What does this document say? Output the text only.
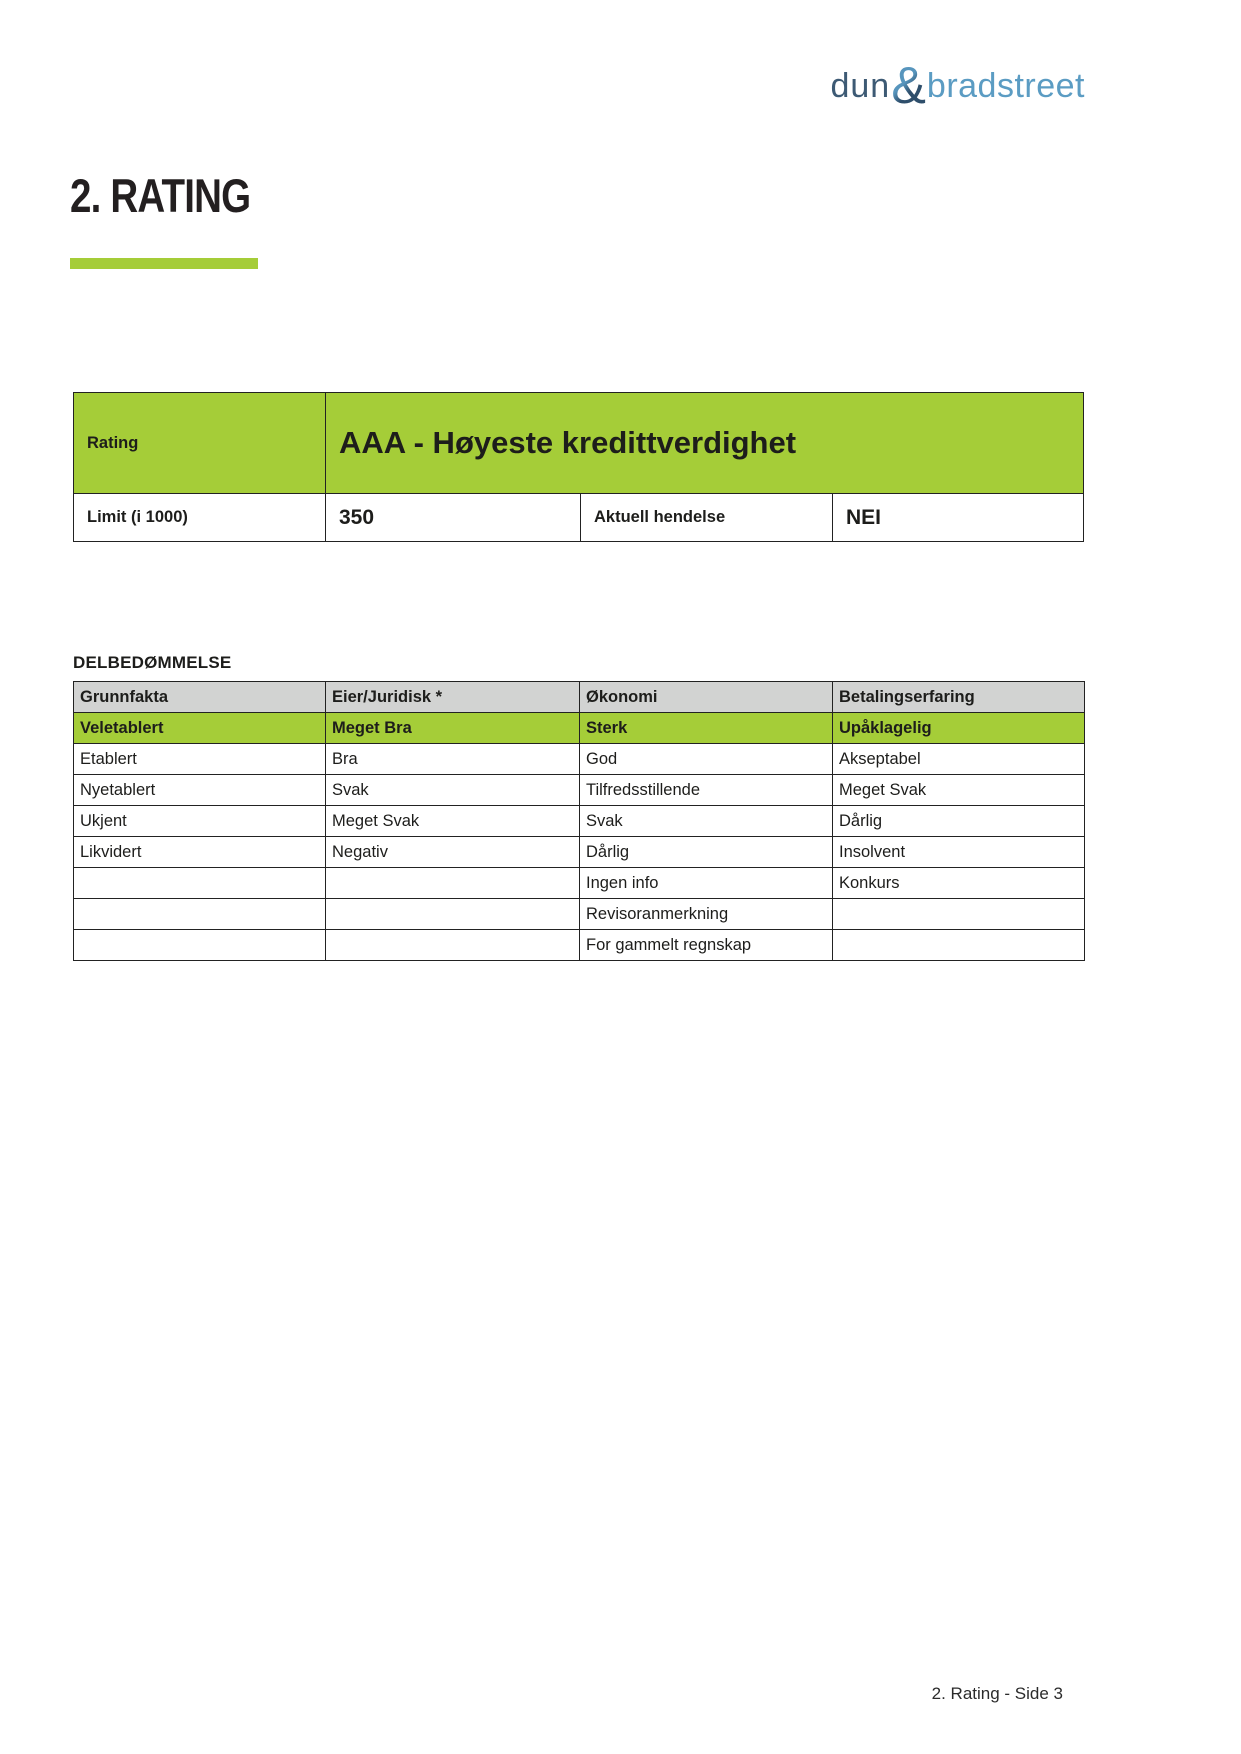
dun&bradstreet
2. RATING
Rating	AAA - Høyeste kredittverdighet		
Limit (i 1000)	350	Aktuell hendelse	NEI
DELBEDØMMELSE
Grunnfakta	Eier/Juridisk *	Økonomi	Betalingserfaring
Veletablert	Meget Bra	Sterk	Upåklagelig
Etablert	Bra	God	Akseptabel
Nyetablert	Svak	Tilfredsstillende	Meget Svak
Ukjent	Meget Svak	Svak	Dårlig
Likvidert	Negativ	Dårlig	Insolvent
		Ingen info	Konkurs
		Revisoranmerkning	
		For gammelt regnskap	
2. Rating - Side 3
